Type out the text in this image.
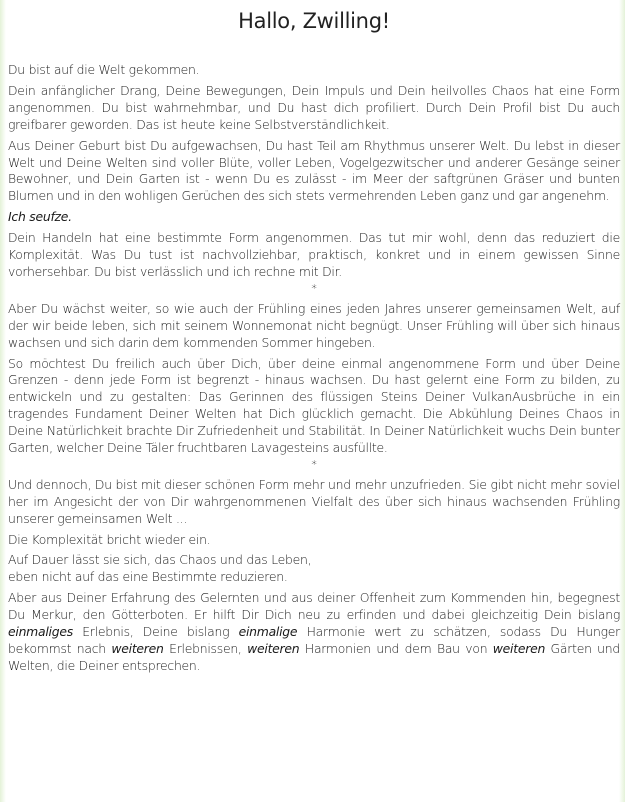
Hallo, Zwilling!

Du bist auf die Welt gekommen.

Dein anfänglicher Drang, Deine Bewegungen, Dein Impuls und Dein heilvolles Chaos hat eine Form angenommen. Du bist wahrnehmbar, und Du hast dich profiliert. Durch Dein Profil bist Du auch greifbarer geworden. Das ist heute keine Selbstverständlichkeit.

Aus Deiner Geburt bist Du aufgewachsen, Du hast Teil am Rhythmus unserer Welt. Du lebst in dieser Welt und Deine Welten sind voller Blüte, voller Leben, Vogelgezwitscher und anderer Gesänge seiner Bewohner, und Dein Garten ist - wenn Du es zulässt - im Meer der saftgrünen Gräser und bunten Blumen und in den wohligen Gerüchen des sich stets vermehrenden Leben ganz und gar angenehm.

Ich seufze.

Dein Handeln hat eine bestimmte Form angenommen. Das tut mir wohl, denn das reduziert die Komplexität. Was Du tust ist nachvollziehbar, praktisch, konkret und in einem gewissen Sinne vorhersehbar. Du bist verlässlich und ich rechne mit Dir.

*

Aber Du wächst weiter, so wie auch der Frühling eines jeden Jahres unserer gemeinsamen Welt, auf der wir beide leben, sich mit seinem Wonnemonat nicht begnügt. Unser Frühling will über sich hinaus wachsen und sich darin dem kommenden Sommer hingeben.

So möchtest Du freilich auch über Dich, über deine einmal angenommene Form und über Deine Grenzen - denn jede Form ist begrenzt - hinaus wachsen. Du hast gelernt eine Form zu bilden, zu entwickeln und zu gestalten: Das Gerinnen des flüssigen Steins Deiner VulkanAusbrüche in ein tragendes Fundament Deiner Welten hat Dich glücklich gemacht. Die Abkühlung Deines Chaos in Deine Natürlichkeit brachte Dir Zufriedenheit und Stabilität. In Deiner Natürlichkeit wuchs Dein bunter Garten, welcher Deine Täler fruchtbaren Lavagesteins ausfüllte.

*

Und dennoch, Du bist mit dieser schönen Form mehr und mehr unzufrieden. Sie gibt nicht mehr soviel her im Angesicht der von Dir wahrgenommenen Vielfalt des über sich hinaus wachsenden Frühling unserer gemeinsamen Welt ...

Die Komplexität bricht wieder ein.

Auf Dauer lässt sie sich, das Chaos und das Leben,

eben nicht auf das eine Bestimmte reduzieren.

Aber aus Deiner Erfahrung des Gelernten und aus deiner Offenheit zum Kommenden hin, begegnest Du Merkur, den Götterboten. Er hilft Dir Dich neu zu erfinden und dabei gleichzeitig Dein bislang einmaliges Erlebnis, Deine bislang einmalige Harmonie wert zu schätzen, sodass Du Hunger bekommst nach weiteren Erlebnissen, weiteren Harmonien und dem Bau von weiteren Gärten und Welten, die Deiner entsprechen.
